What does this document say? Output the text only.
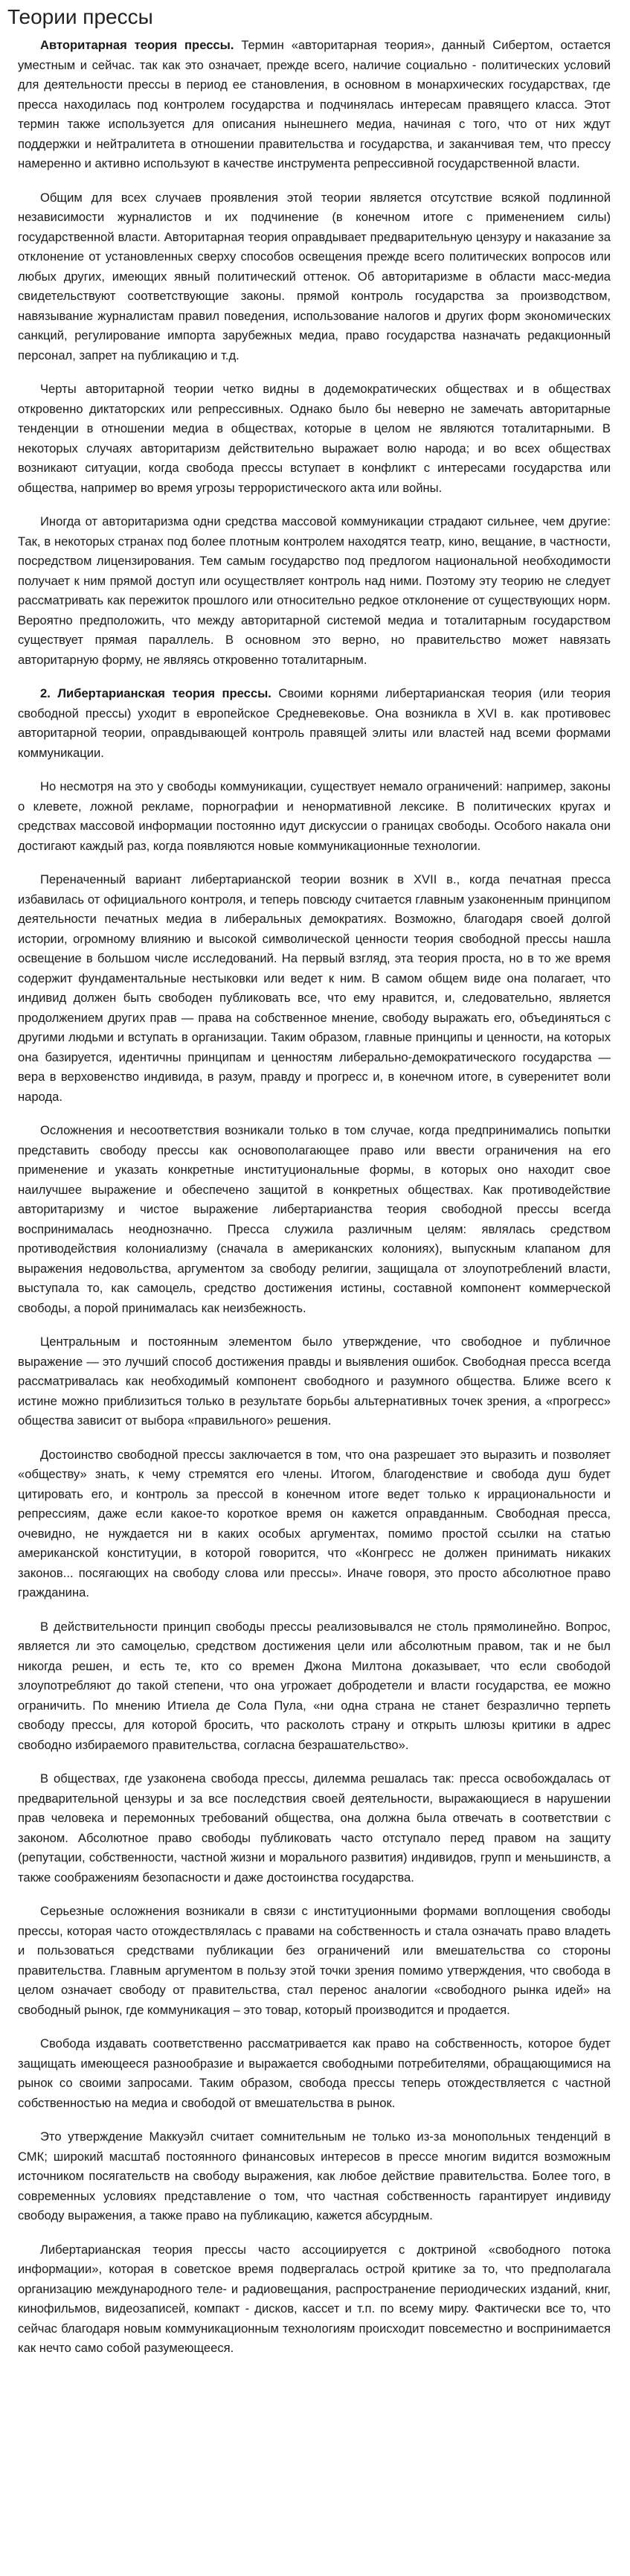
Теории прессы

Авторитарная теория прессы. Термин «авторитарная теория», данный Сибертом, остается уместным и сейчас. так как это означает, прежде всего, наличие социально - политических условий для деятельности прессы в период ее становления, в основном в монархических государствах, где пресса находилась под контролем государства и подчинялась интересам правящего класса. Этот термин также используется для описания нынешнего медиа, начиная с того, что от них ждут поддержки и нейтралитета в отношении правительства и государства, и заканчивая тем, что прессу намеренно и активно используют в качестве инструмента репрессивной государственной власти.

Общим для всех случаев проявления этой теории является отсутствие всякой подлинной независимости журналистов и их подчинение (в конечном итоге с применением силы) государственной власти. Авторитарная теория оправдывает предварительную цензуру и наказание за отклонение от установленных сверху способов освещения прежде всего политических вопросов или любых других, имеющих явный политический оттенок. Об авторитаризме в области масс-медиа свидетельствуют соответствующие законы. прямой контроль государства за производством, навязывание журналистам правил поведения, использование налогов и других форм экономических санкций, регулирование импорта зарубежных медиа, право государства назначать редакционный персонал, запрет на публикацию и т.д.

Черты авторитарной теории четко видны в додемократических обществах и в обществах откровенно диктаторских или репрессивных. Однако было бы неверно не замечать авторитарные тенденции в отношении медиа в обществах, которые в целом не являются тоталитарными. В некоторых случаях авторитаризм действительно выражает волю народа; и во всех обществах возникают ситуации, когда свобода прессы вступает в конфликт с интересами государства или общества, например во время угрозы террористического акта или войны.

Иногда от авторитаризма одни средства массовой коммуникации страдают сильнее, чем другие: Так, в некоторых странах под более плотным контролем находятся театр, кино, вещание, в частности, посредством лицензирования. Тем самым государство под предлогом национальной необходимости получает к ним прямой доступ или осуществляет контроль над ними. Поэтому эту теорию не следует рассматривать как пережиток прошлого или относительно редкое отклонение от существующих норм. Вероятно предположить, что между авторитарной системой медиа и тоталитарным государством существует прямая параллель. В основном это верно, но правительство может навязать авторитарную форму, не являясь откровенно тоталитарным.

2. Либертарианская теория прессы. Своими корнями либертарианская теория (или теория свободной прессы) уходит в европейское Средневековье. Она возникла в XVI в. как противовес авторитарной теории, оправдывающей контроль правящей элиты или властей над всеми формами коммуникации.

Но несмотря на это у свободы коммуникации, существует немало ограничений: например, законы о клевете, ложной рекламе, порнографии и ненормативной лексике. В политических кругах и средствах массовой информации постоянно идут дискуссии о границах свободы. Особого накала они достигают каждый раз, когда появляются новые коммуникационные технологии.

Переначенный вариант либертарианской теории возник в XVII в., когда печатная пресса избавилась от официального контроля, и теперь повсюду считается главным узаконенным принципом деятельности печатных медиа в либеральных демократиях. Возможно, благодаря своей долгой истории, огромному влиянию и высокой символической ценности теория свободной прессы нашла освещение в большом числе исследований. На первый взгляд, эта теория проста, но в то же время содержит фундаментальные нестыковки или ведет к ним. В самом общем виде она полагает, что индивид должен быть свободен публиковать все, что ему нравится, и, следовательно, является продолжением других прав — права на собственное мнение, свободу выражать его, объединяться с другими людьми и вступать в организации. Таким образом, главные принципы и ценности, на которых она базируется, идентичны принципам и ценностям либерально-демократического государства — вера в верховенство индивида, в разум, правду и прогресс и, в конечном итоге, в суверенитет воли народа.

Осложнения и несоответствия возникали только в том случае, когда предпринимались попытки представить свободу прессы как основополагающее право или ввести ограничения на его применение и указать конкретные институциональные формы, в которых оно находит свое наилучшее выражение и обеспечено защитой в конкретных обществах. Как противодействие авторитаризму и чистое выражение либертарианства теория свободной прессы всегда воспринималась неоднозначно. Пресса служила различным целям: являлась средством противодействия колониализму (сначала в американских колониях), выпускным клапаном для выражения недовольства, аргументом за свободу религии, защищала от злоупотреблений власти, выступала то, как самоцель, средство достижения истины, составной компонент коммерческой свободы, а порой принималась как неизбежность.

Центральным и постоянным элементом было утверждение, что свободное и публичное выражение — это лучший способ достижения правды и выявления ошибок. Свободная пресса всегда рассматривалась как необходимый компонент свободного и разумного общества. Ближе всего к истине можно приблизиться только в результате борьбы альтернативных точек зрения, а «прогресс» общества зависит от выбора «правильного» решения.

Достоинство свободной прессы заключается в том, что она разрешает это выразить и позволяет «обществу» знать, к чему стремятся его члены. Итогом, благоденствие и свобода душ будет цитировать его, и контроль за прессой в конечном итоге ведет только к иррациональности и репрессиям, даже если какое-то короткое время он кажется оправданным. Свободная пресса, очевидно, не нуждается ни в каких особых аргументах, помимо простой ссылки на статью американской конституции, в которой говорится, что «Конгресс не должен принимать никаких законов... посягающих на свободу слова или прессы». Иначе говоря, это просто абсолютное право гражданина.

В действительности принцип свободы прессы реализовывался не столь прямолинейно. Вопрос, является ли это самоцелью, средством достижения цели или абсолютным правом, так и не был никогда решен, и есть те, кто со времен Джона Милтона доказывает, что если свободой злоупотребляют до такой степени, что она угрожает добродетели и власти государства, ее можно ограничить. По мнению Итиела де Сола Пула, «ни одна страна не станет безразлично терпеть свободу прессы, для которой бросить, что расколоть страну и открыть шлюзы критики в адрес свободно избираемого правительства, согласна безрашательство».

В обществах, где узаконена свобода прессы, дилемма решалась так: пресса освобождалась от предварительной цензуры и за все последствия своей деятельности, выражающиеся в нарушении прав человека и перемонных требований общества, она должна была отвечать в соответствии с законом. Абсолютное право свободы публиковать часто отступало перед правом на защиту (репутации, собственности, частной жизни и морального развития) индивидов, групп и меньшинств, а также соображениям безопасности и даже достоинства государства.

Серьезные осложнения возникали в связи с институционными формами воплощения свободы прессы, которая часто отождествлялась с правами на собственность и стала означать право владеть и пользоваться средствами публикации без ограничений или вмешательства со стороны правительства. Главным аргументом в пользу этой точки зрения помимо утверждения, что свобода в целом означает свободу от правительства, стал перенос аналогии «свободного рынка идей» на свободный рынок, где коммуникация – это товар, который производится и продается.

Свобода издавать соответственно рассматривается как право на собственность, которое будет защищать имеющееся разнообразие и выражается свободными потребителями, обращающимися на рынок со своими запросами. Таким образом, свобода прессы теперь отождествляется с частной собственностью на медиа и свободой от вмешательства в рынок.

Это утверждение Маккуэйл считает сомнительным не только из-за монопольных тенденций в СМК; широкий масштаб постоянного финансовых интересов в прессе многим видится возможным источником посягательств на свободу выражения, как любое действие правительства. Более того, в современных условиях представление о том, что частная собственность гарантирует индивиду свободу выражения, а также право на публикацию, кажется абсурдным.

Либертарианская теория прессы часто ассоциируется с доктриной «свободного потока информации», которая в советское время подвергалась острой критике за то, что предполагала организацию международного теле- и радиовещания, распространение периодических изданий, книг, кинофильмов, видеозаписей, компакт - дисков, кассет и т.п. по всему миру. Фактически все то, что сейчас благодаря новым коммуникационным технологиям происходит повсеместно и воспринимается как нечто само собой разумеющееся.
